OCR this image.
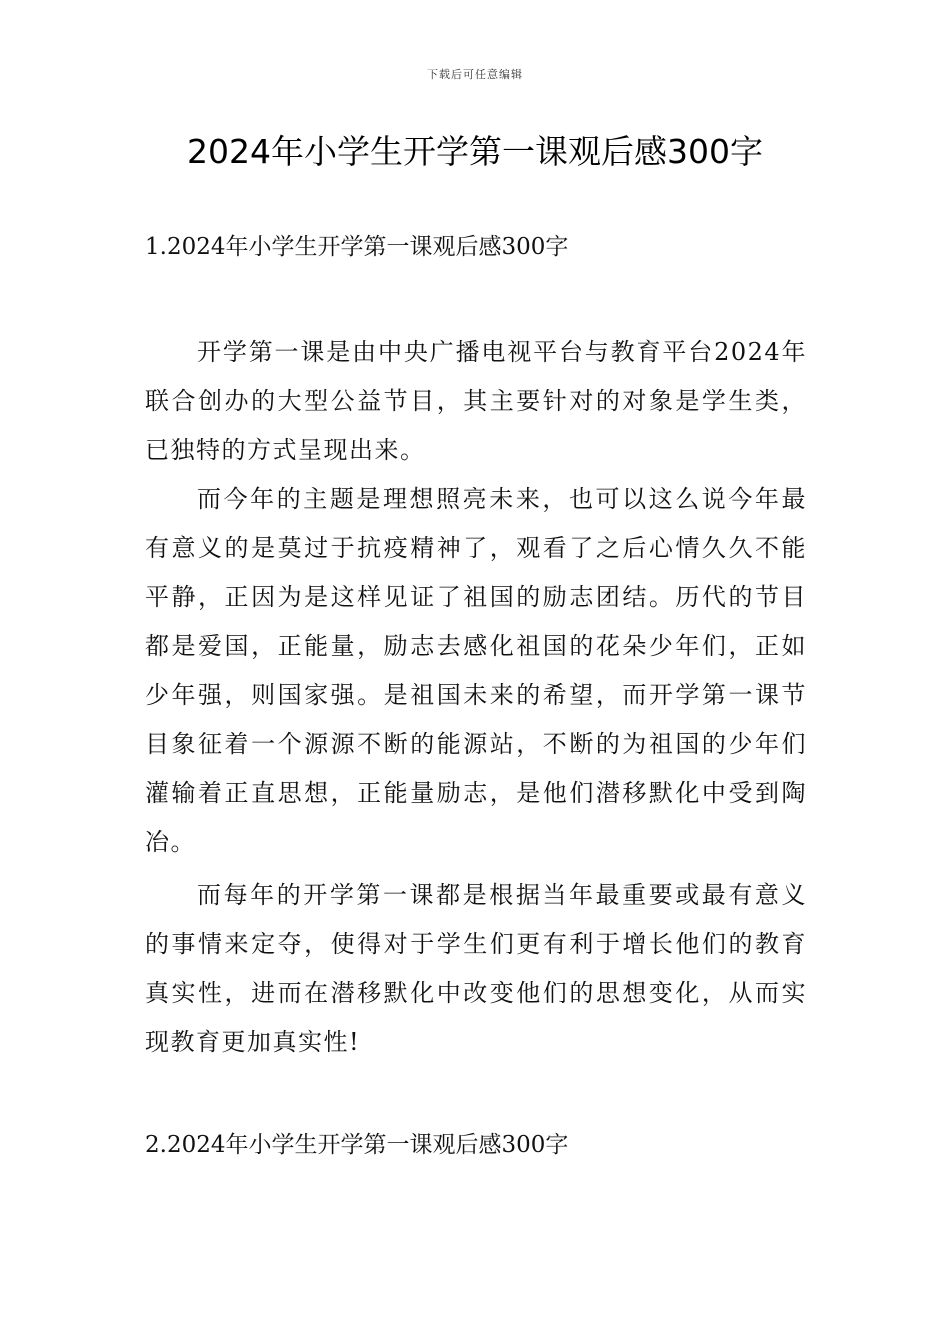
下载后可任意编辑
2024年小学生开学第一课观后感300字
1.2024年小学生开学第一课观后感300字

开学第一课是由中央广播电视平台与教育平台2024年联合创办的大型公益节目，其主要针对的对象是学生类，已独特的方式呈现出来。

而今年的主题是理想照亮未来，也可以这么说今年最有意义的是莫过于抗疫精神了，观看了之后心情久久不能平静，正因为是这样见证了祖国的励志团结。历代的节目都是爱国，正能量，励志去感化祖国的花朵少年们，正如少年强，则国家强。是祖国未来的希望，而开学第一课节目象征着一个源源不断的能源站，不断的为祖国的少年们灌输着正直思想，正能量励志，是他们潜移默化中受到陶冶。

而每年的开学第一课都是根据当年最重要或最有意义的事情来定夺，使得对于学生们更有利于增长他们的教育真实性，进而在潜移默化中改变他们的思想变化，从而实现教育更加真实性!

2.2024年小学生开学第一课观后感300字
